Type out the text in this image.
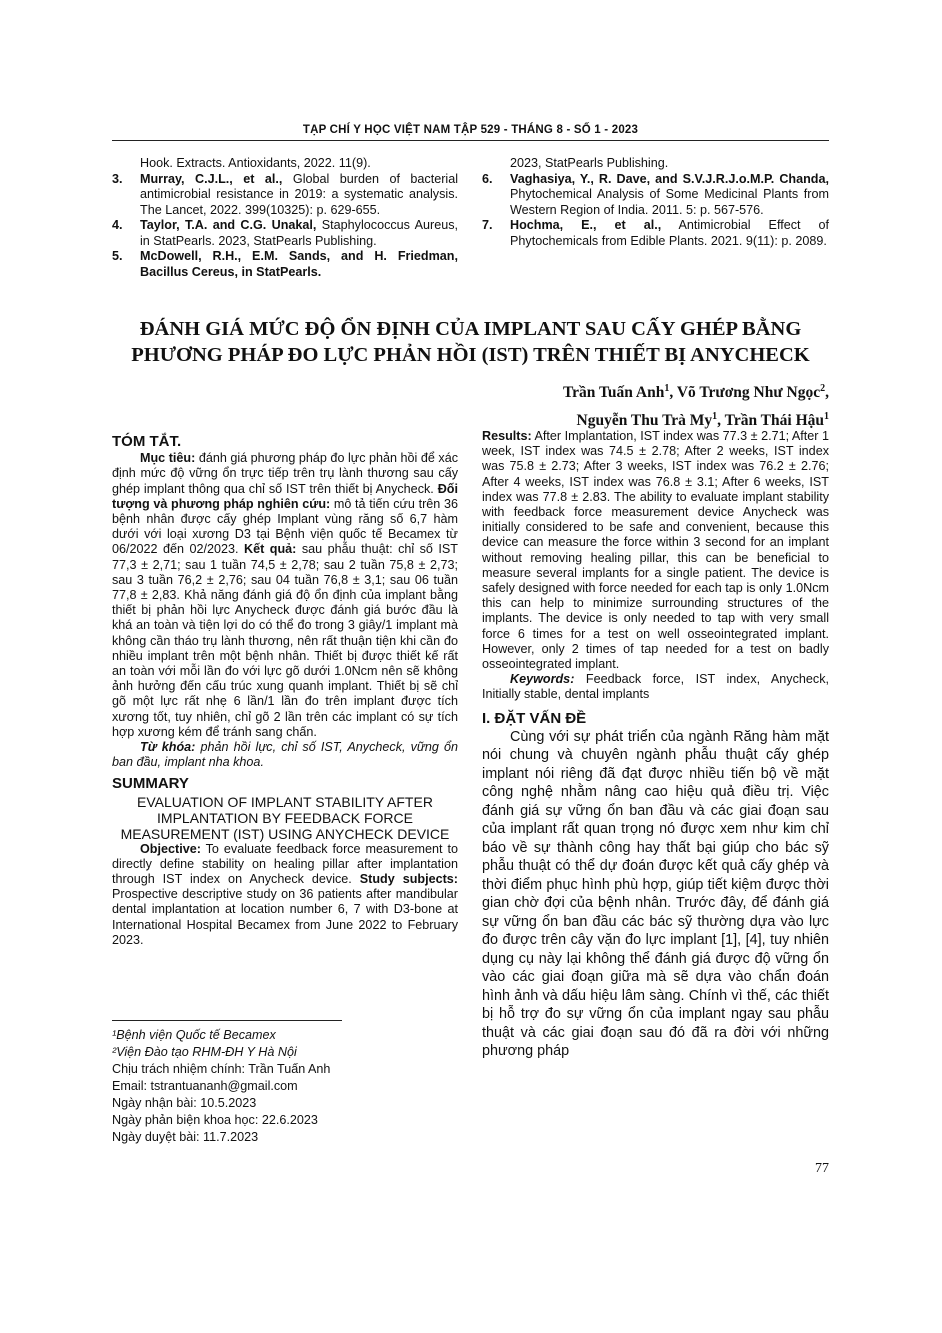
TẠP CHÍ Y HỌC VIỆT NAM TẬP 529 - THÁNG 8 - SỐ 1 - 2023
Hook. Extracts. Antioxidants, 2022. 11(9).
3. Murray, C.J.L., et al., Global burden of bacterial antimicrobial resistance in 2019: a systematic analysis. The Lancet, 2022. 399(10325): p. 629-655.
4. Taylor, T.A. and C.G. Unakal, Staphylococcus Aureus, in StatPearls. 2023, StatPearls Publishing.
5. McDowell, R.H., E.M. Sands, and H. Friedman, Bacillus Cereus, in StatPearls.
2023, StatPearls Publishing.
6. Vaghasiya, Y., R. Dave, and S.V.J.R.J.o.M.P. Chanda, Phytochemical Analysis of Some Medicinal Plants from Western Region of India. 2011. 5: p. 567-576.
7. Hochma, E., et al., Antimicrobial Effect of Phytochemicals from Edible Plants. 2021. 9(11): p. 2089.
ĐÁNH GIÁ MỨC ĐỘ ỔN ĐỊNH CỦA IMPLANT SAU CẤY GHÉP BẰNG
PHƯƠNG PHÁP ĐO LỰC PHẢN HỒI (IST) TRÊN THIẾT BỊ ANYCHECK
Trần Tuấn Anh$^1$, Võ Trương Như Ngọc$^2$,
Nguyễn Thu Trà My$^1$, Trần Thái Hậu$^1$
TÓM TẮT.

Mục tiêu: đánh giá phương pháp đo lực phản hồi để xác định mức độ vững ổn trực tiếp trên trụ lành thương sau cấy ghép implant thông qua chỉ số IST trên thiết bị Anycheck. Đối tượng và phương pháp nghiên cứu: mô tả tiến cứu trên 36 bệnh nhân được cấy ghép Implant vùng răng số 6,7 hàm dưới với loại xương D3 tại Bệnh viện quốc tế Becamex từ 06/2022 đến 02/2023. Kết quả: sau phẫu thuật: chỉ số IST 77,3 ± 2,71; sau 1 tuần 74,5 ± 2,78; sau 2 tuần 75,8 ± 2,73; sau 3 tuần 76,2 ± 2,76; sau 04 tuần 76,8 ± 3,1; sau 06 tuần 77,8 ± 2,83. Khả năng đánh giá độ ổn định của implant bằng thiết bị phản hồi lực Anycheck được đánh giá bước đầu là khá an toàn và tiện lợi do có thể đo trong 3 giây/1 implant mà không cần tháo trụ lành thương, nên rất thuận tiện khi cần đo nhiều implant trên một bệnh nhân. Thiết bị được thiết kế rất an toàn với mỗi lần đo với lực gõ dưới 1.0Ncm nên sẽ không ảnh hưởng đến cấu trúc xung quanh implant. Thiết bị sẽ chỉ gõ một lực rất nhẹ 6 lần/1 lần đo trên implant được tích xương tốt, tuy nhiên, chỉ gõ 2 lần trên các implant có sự tích hợp xương kém để tránh sang chấn.

Từ khóa: phản hồi lực, chỉ số IST, Anycheck, vững ổn ban đầu, implant nha khoa.

SUMMARY

EVALUATION OF IMPLANT STABILITY AFTER IMPLANTATION BY FEEDBACK FORCE MEASUREMENT (IST) USING ANYCHECK DEVICE

Objective: To evaluate feedback force measurement to directly define stability on healing pillar after implantation through IST index on Anycheck device. Study subjects: Prospective descriptive study on 36 patients after mandibular dental implantation at location number 6, 7 with D3-bone at International Hospital Becamex from June 2022 to February 2023.

Results: After Implantation, IST index was 77.3 ± 2.71; After 1 week, IST index was 74.5 ± 2.78; After 2 weeks, IST index was 75.8 ± 2.73; After 3 weeks, IST index was 76.2 ± 2.76; After 4 weeks, IST index was 76.8 ± 3.1; After 6 weeks, IST index was 77.8 ± 2.83. The ability to evaluate implant stability with feedback force measurement device Anycheck was initially considered to be safe and convenient, because this device can measure the force within 3 second for an implant without removing healing pillar, this can be beneficial to measure several implants for a single patient. The device is safely designed with force needed for each tap is only 1.0Ncm this can help to minimize surrounding structures of the implants. The device is only needed to tap with very small force 6 times for a test on well osseointegrated implant. However, only 2 times of tap needed for a test on badly osseointegrated implant.

Keywords: Feedback force, IST index, Anycheck, Initially stable, dental implants

I. ĐẶT VẤN ĐỀ

Cùng với sự phát triển của ngành Răng hàm mặt nói chung và chuyên ngành phẫu thuật cấy ghép implant nói riêng đã đạt được nhiều tiến bộ về mặt công nghệ nhằm nâng cao hiệu quả điều trị. Việc đánh giá sự vững ổn ban đầu và các giai đoạn sau của implant rất quan trọng nó được xem như kim chỉ báo về sự thành công hay thất bại giúp cho bác sỹ phẫu thuật có thể dự đoán được kết quả cấy ghép và thời điểm phục hình phù hợp, giúp tiết kiệm được thời gian chờ đợi của bệnh nhân. Trước đây, để đánh giá sự vững ổn ban đầu các bác sỹ thường dựa vào lực đo được trên cây vặn đo lực implant [1], [4], tuy nhiên dụng cụ này lại không thể đánh giá được độ vững ổn vào các giai đoạn giữa mà sẽ dựa vào chẩn đoán hình ảnh và dấu hiệu lâm sàng. Chính vì thế, các thiết bị hỗ trợ đo sự vững ổn của implant ngay sau phẫu thuật và các giai đoạn sau đó đã ra đời với những phương pháp

¹Bệnh viện Quốc tế Becamex

²Viện Đào tạo RHM-ĐH Y Hà Nội

Chịu trách nhiệm chính: Trần Tuấn Anh

Email: tstrantuananh@gmail.com

Ngày nhận bài: 10.5.2023

Ngày phản biện khoa học: 22.6.2023

Ngày duyệt bài: 11.7.2023

77
